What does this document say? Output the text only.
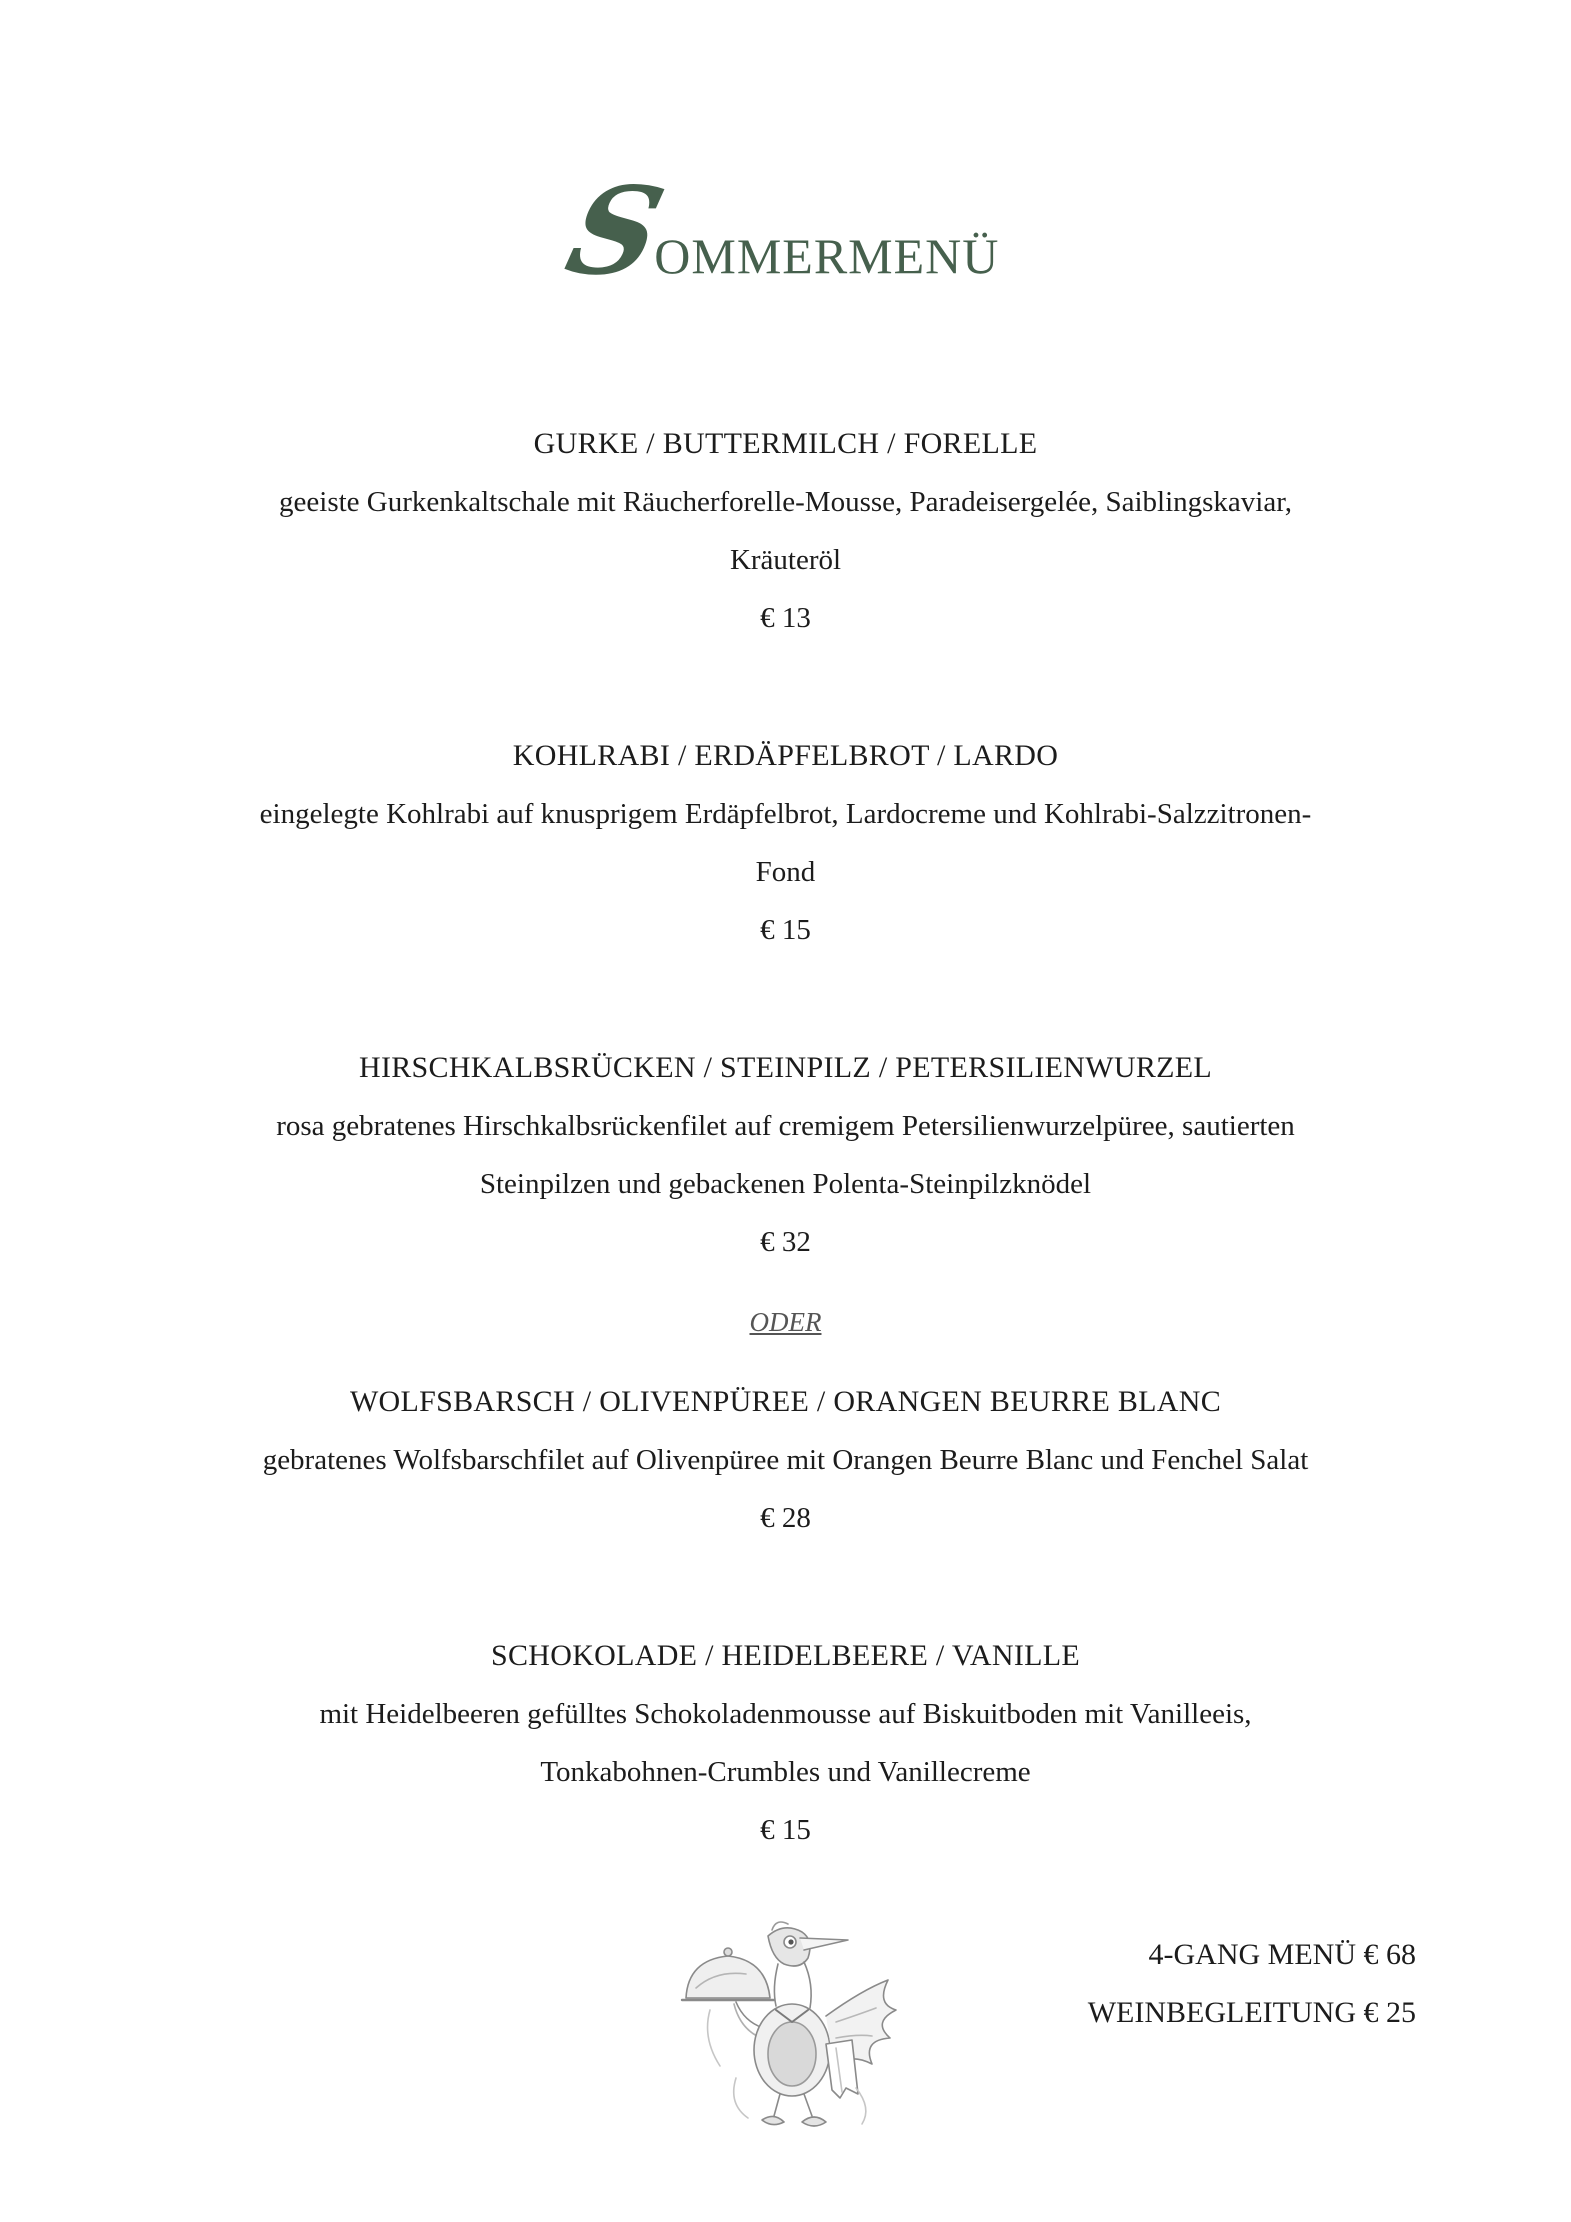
SOMMERMENÜ
GURKE / BUTTERMILCH / FORELLE
geeiste Gurkenkaltschale mit Räucherforelle-Mousse, Paradeisergelée, Saiblingskaviar,
Kräuteröl
€ 13
KOHLRABI / ERDÄPFELBROT / LARDO
eingelegte Kohlrabi auf knusprigem Erdäpfelbrot, Lardocreme und Kohlrabi-Salzzitronen-
Fond
€ 15
HIRSCHKALBSRÜCKEN / STEINPILZ / PETERSILIENWURZEL
rosa gebratenes Hirschkalbsrückenfilet auf cremigem Petersilienwurzelpüree, sautierten
Steinpilzen und gebackenen Polenta-Steinpilzknödel
€ 32
ODER
WOLFSBARSCH / OLIVENPÜREE / ORANGEN BEURRE BLANC
gebratenes Wolfsbarschfilet auf Olivenpüree mit Orangen Beurre Blanc und Fenchel Salat
€ 28
SCHOKOLADE / HEIDELBEERE / VANILLE
mit Heidelbeeren gefülltes Schokoladenmousse auf Biskuitboden mit Vanilleeis,
Tonkabohnen-Crumbles und Vanillecreme
€ 15
4-GANG MENÜ € 68
WEINBEGLEITUNG € 25
